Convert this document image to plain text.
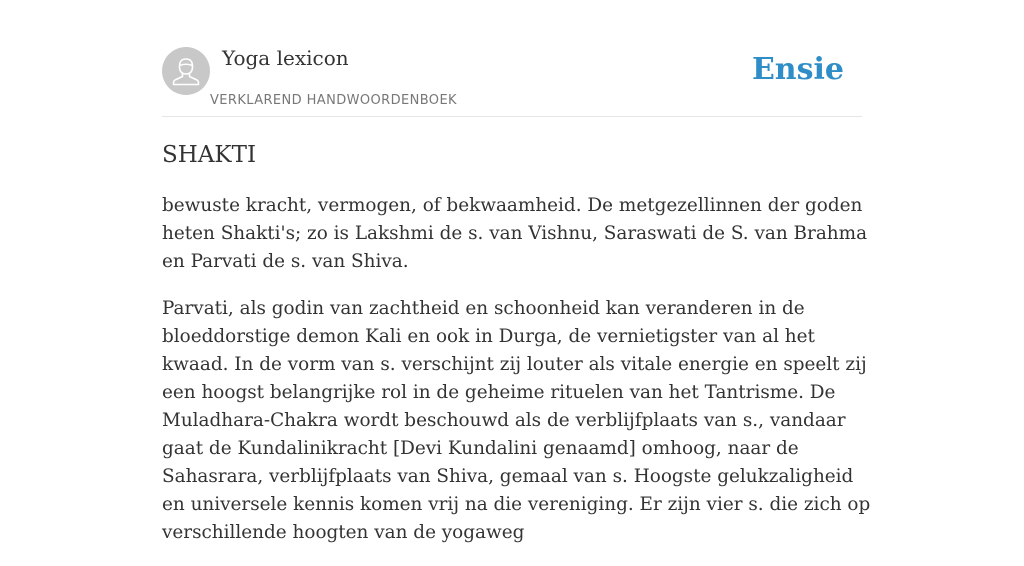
Yoga lexicon
VERKLAREND HANDWOORDENBOEK
Ensie
SHAKTI

bewuste kracht, vermogen, of bekwaamheid. De metgezellinnen der goden heten Shakti's; zo is Lakshmi de s. van Vishnu, Saraswati de S. van Brahma en Parvati de s. van Shiva.

Parvati, als godin van zachtheid en schoonheid kan veranderen in de bloeddorstige demon Kali en ook in Durga, de vernietigster van al het kwaad. In de vorm van s. verschijnt zij louter als vitale energie en speelt zij een hoogst belangrijke rol in de geheime rituelen van het Tantrisme. De Muladhara-Chakra wordt beschouwd als de verblijfplaats van s., vandaar gaat de Kundalinikracht [Devi Kundalini genaamd] omhoog, naar de Sahasrara, verblijfplaats van Shiva, gemaal van s. Hoogste gelukzaligheid en universele kennis komen vrij na die vereniging. Er zijn vier s. die zich op verschillende hoogten van de yogaweg
